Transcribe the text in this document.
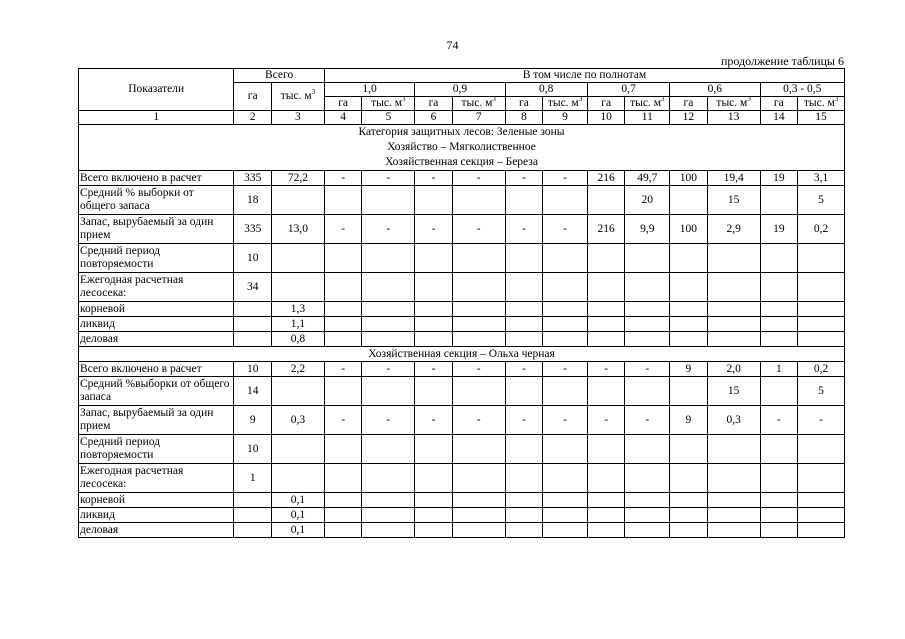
74
продолжение таблицы 6
Показатели	Всего		В том числе по полнотам											
	га	тыс. $м^3$	1,0		0,9		0,8		0,7		0,6		0,3 - 0,5	
			га	тыс. $м^3$	га	тыс. $м^3$	га	тыс. $м^3$	га	тыс. $м^3$	га	тыс. $м^3$	га	тыс. $м^3$
1	2	3	4	5	6	7	8	9	10	11	12	13	14	15

Категория защитных лесов: Зеленые зоны
Хозяйство – Мягколиственное
Хозяйственная секция – Береза														

Всего включено в расчет	335	72,2	-	-	-	-	-	-	216	49,7	100	19,4	19	3,1
Средний % выборки от общего запаса	18									20		15		5
Запас, вырубаемый за один прием	335	13,0	-	-	-	-	-	-	216	9,9	100	2,9	19	0,2
Средний период повторяемости	10													
Ежегодная расчетная лесосека:	34													
корневой		1,3												
ликвид		1,1												
деловая		0,8												
Хозяйственная секция – Ольха черная														
Всего включено в расчет	10	2,2	-	-	-	-	-	-	-	-	9	2,0	1	0,2
Средний %выборки от общего запаса	14											15		5
Запас, вырубаемый за один прием	9	0,3	-	-	-	-	-	-	-	-	9	0,3	-	-
Средний период повторяемости	10													
Ежегодная расчетная лесосека:	1													
корневой		0,1												
ликвид		0,1												
деловая		0,1												
